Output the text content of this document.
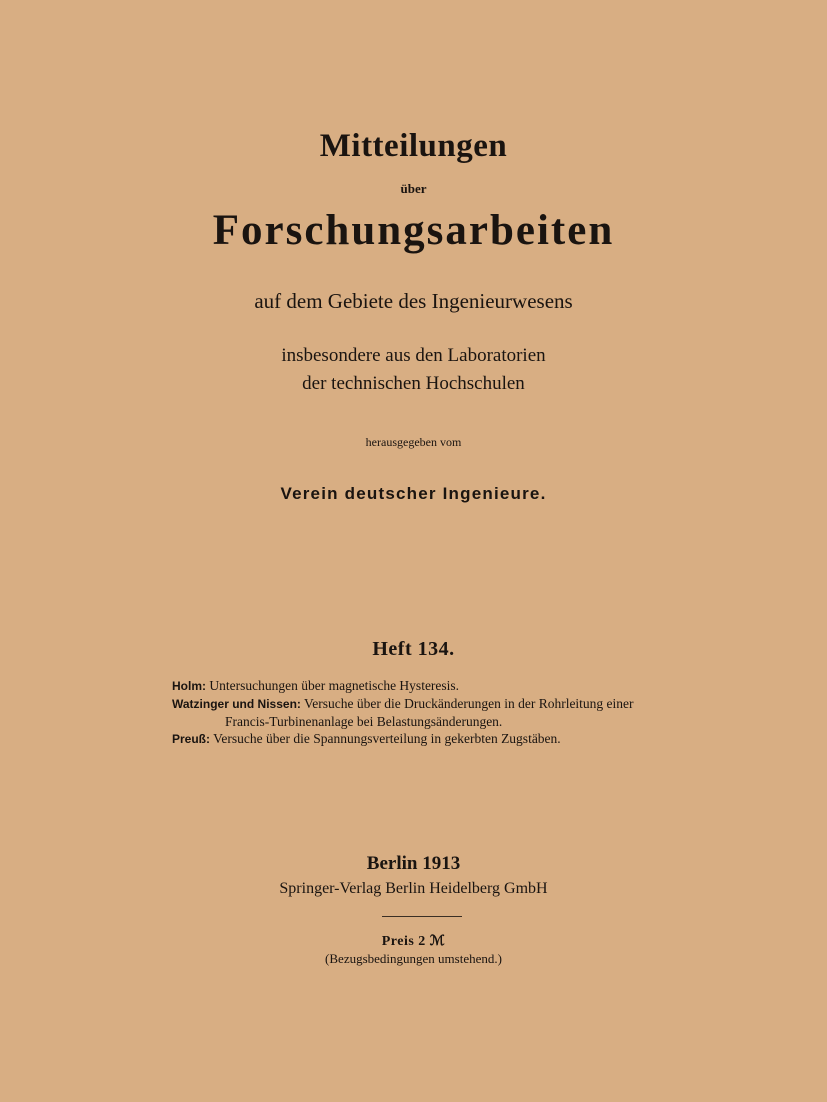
Mitteilungen
über
Forschungsarbeiten
auf dem Gebiete des Ingenieurwesens
insbesondere aus den Laboratorien
der technischen Hochschulen
herausgegeben vom
Verein deutscher Ingenieure.
Heft 134.
Holm: Untersuchungen über magnetische Hysteresis.
Watzinger und Nissen: Versuche über die Druckänderungen in der Rohrleitung einer
Francis-Turbinenanlage bei Belastungsänderungen.
Preuß: Versuche über die Spannungsverteilung in gekerbten Zugstäben.
Berlin 1913
Springer-Verlag Berlin Heidelberg GmbH
Preis 2 ℳ
(Bezugsbedingungen umstehend.)
